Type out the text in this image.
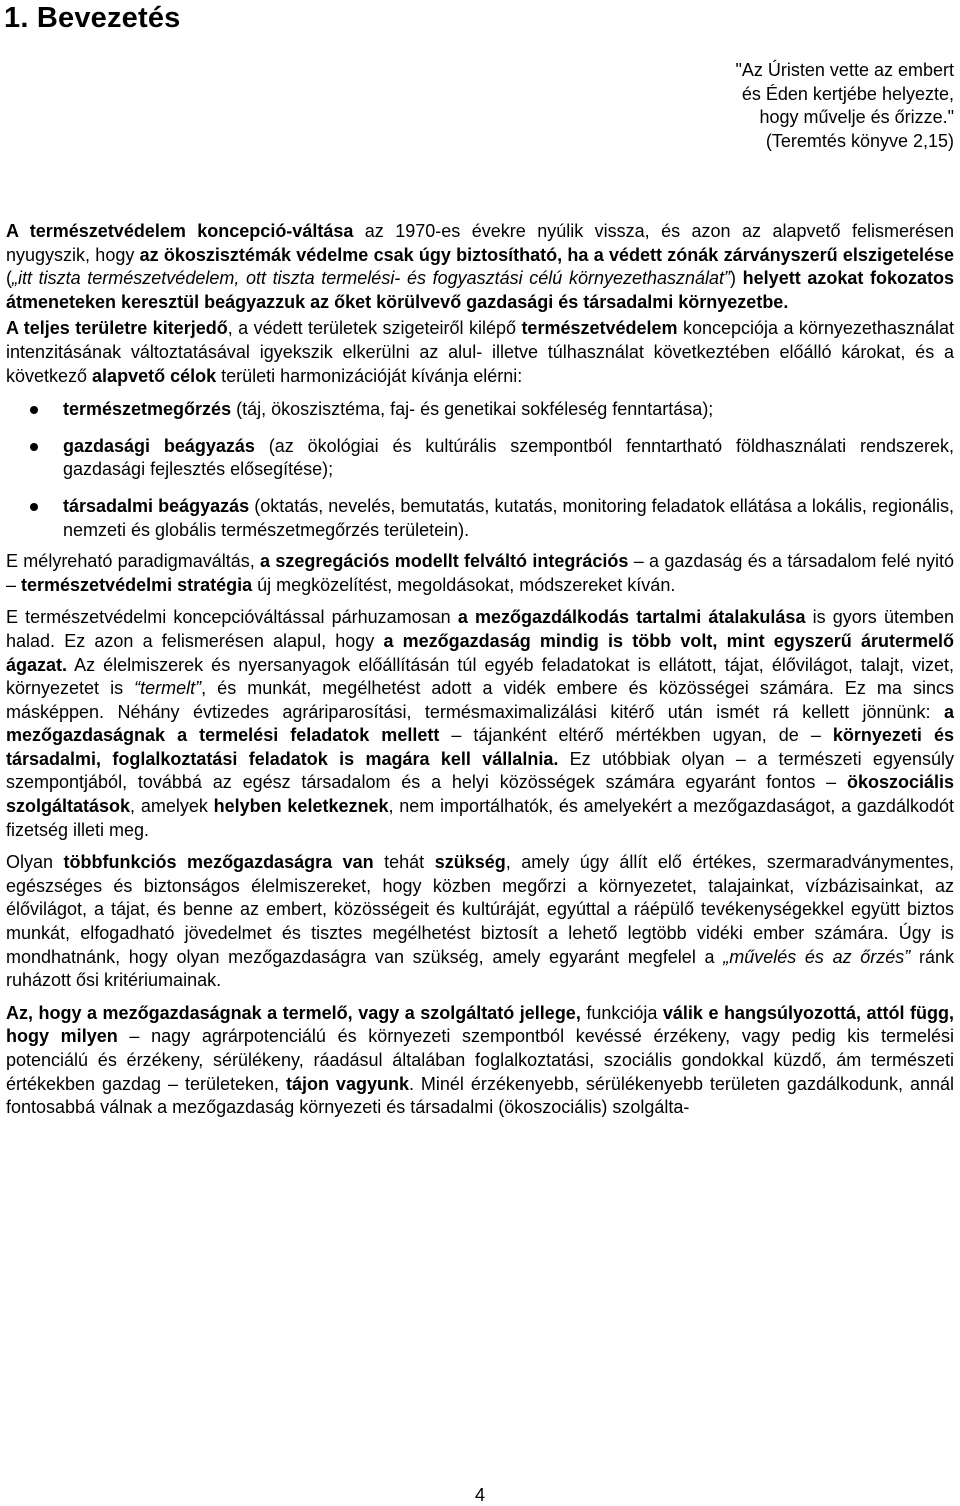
1. Bevezetés
"Az Úristen vette az embert
és Éden kertjébe helyezte,
hogy művelje és őrizze."
(Teremtés könyve 2,15)

A természetvédelem koncepció-váltása az 1970-es évekre nyúlik vissza, és azon az alapvető felismerésen nyugyszik, hogy az ökoszisztémák védelme csak úgy biztosítható, ha a védett zónák zárványszerű elszigetelése („itt tiszta természetvédelem, ott tiszta termelési- és fogyasztási célú környezethasználat”) helyett azokat fokozatos átmeneteken keresztül beágyazzuk az őket körülvevő gazdasági és társadalmi környezetbe.

A teljes területre kiterjedő, a védett területek szigeteiről kilépő természetvédelem koncepciója a környezethasználat intenzitásának változtatásával igyekszik elkerülni az alul- illetve túlhasználat következtében előálló károkat, és a következő alapvető célok területi harmonizációját kívánja elérni:

természetmegőrzés (táj, ökoszisztéma, faj- és genetikai sokféleség fenntartása);
gazdasági beágyazás (az ökológiai és kultúrális szempontból fenntartható földhasználati rendszerek, gazdasági fejlesztés elősegítése);
társadalmi beágyazás (oktatás, nevelés, bemutatás, kutatás, monitoring feladatok ellátása a lokális, regionális, nemzeti és globális természetmegőrzés területein).

E mélyreható paradigmaváltás, a szegregációs modellt felváltó integrációs – a gazdaság és a társadalom felé nyitó – természetvédelmi stratégia új megközelítést, megoldásokat, módszereket kíván.

E természetvédelmi koncepcióváltással párhuzamosan a mezőgazdálkodás tartalmi átalakulása is gyors ütemben halad. Ez azon a felismerésen alapul, hogy a mezőgazdaság mindig is több volt, mint egyszerű árutermelő ágazat. Az élelmiszerek és nyersanyagok előállításán túl egyéb feladatokat is ellátott, tájat, élővilágot, talajt, vizet, környezetet is “termelt”, és munkát, megélhetést adott a vidék embere és közösségei számára. Ez ma sincs másképpen. Néhány évtizedes agráriparosítási, termésmaximalizálási kitérő után ismét rá kellett jönnünk: a mezőgazdaságnak a termelési feladatok mellett – tájanként eltérő mértékben ugyan, de – környezeti és társadalmi, foglalkoztatási feladatok is magára kell vállalnia. Ez utóbbiak olyan – a természeti egyensúly szempontjából, továbbá az egész társadalom és a helyi közösségek számára egyaránt fontos – ökoszociális szolgáltatások, amelyek helyben keletkeznek, nem importálhatók, és amelyekért a mezőgazdaságot, a gazdálkodót fizetség illeti meg.

Olyan többfunkciós mezőgazdaságra van tehát szükség, amely úgy állít elő értékes, szermaradványmentes, egészséges és biztonságos élelmiszereket, hogy közben megőrzi a környezetet, talajainkat, vízbázisainkat, az élővilágot, a tájat, és benne az embert, közösségeit és kultúráját, egyúttal a ráépülő tevékenységekkel együtt biztos munkát, elfogadható jövedelmet és tisztes megélhetést biztosít a lehető legtöbb vidéki ember számára. Úgy is mondhatnánk, hogy olyan mezőgazdaságra van szükség, amely egyaránt megfelel a „művelés és az őrzés” ránk ruházott ősi kritériumainak.

Az, hogy a mezőgazdaságnak a termelő, vagy a szolgáltató jellege, funkciója válik e hangsúlyozottá, attól függ, hogy milyen – nagy agrárpotenciálú és környezeti szempontból kevéssé érzékeny, vagy pedig kis termelési potenciálú és érzékeny, sérülékeny, ráadásul általában foglalkoztatási, szociális gondokkal küzdő, ám természeti értékekben gazdag – területeken, tájon vagyunk. Minél érzékenyebb, sérülékenyebb területen gazdálkodunk, annál fontosabbá válnak a mezőgazdaság környezeti és társadalmi (ökoszociális) szolgálta-

4
